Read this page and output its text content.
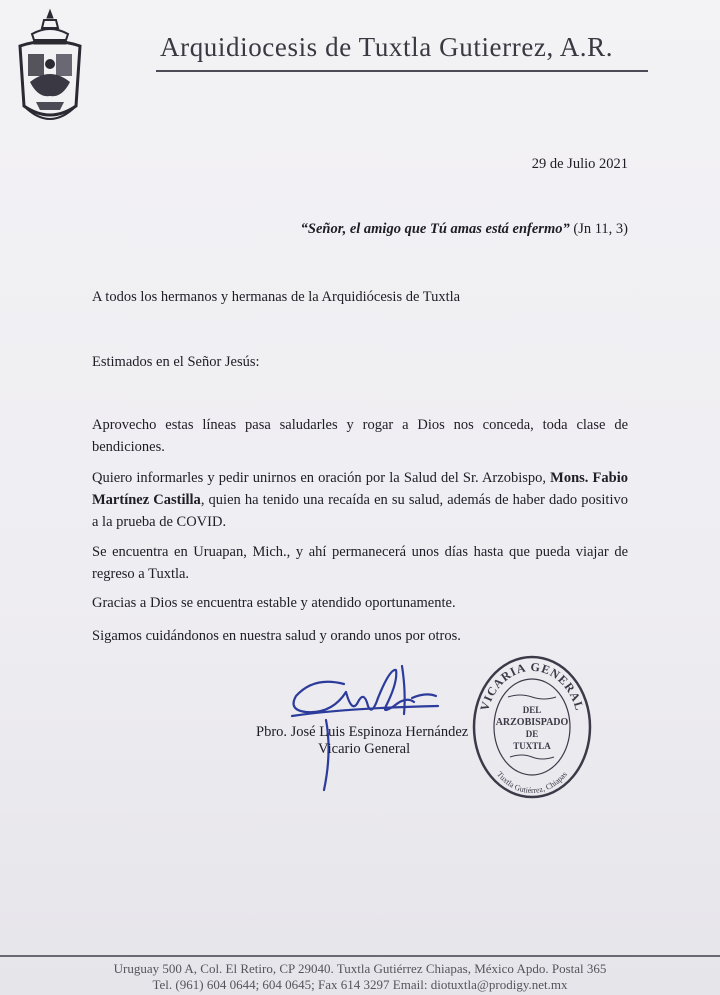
Arquidiocesis de Tuxtla Gutierrez, A.R.
29 de Julio 2021
“Señor, el amigo que Tú amas está enfermo” (Jn 11, 3)
A todos los hermanos y hermanas de la Arquidiócesis de Tuxtla
Estimados en el Señor Jesús:
Aprovecho estas líneas pasa saludarles y rogar a Dios nos conceda, toda clase de bendiciones.
Quiero informarles y pedir unirnos en oración por la Salud del Sr. Arzobispo, Mons. Fabio Martínez Castilla, quien ha tenido una recaída en su salud, además de haber dado positivo a la prueba de COVID.
Se encuentra en Uruapan, Mich., y ahí permanecerá unos días hasta que pueda viajar de regreso a Tuxtla.
Gracias a Dios se encuentra estable y atendido oportunamente.
Sigamos cuidándonos en nuestra salud y orando unos por otros.
Pbro. José Luis Espinoza Hernández
Vicario General
VICARIA GENERAL
Tuxtla Gutiérrez, Chiapas
DEL
ARZOBISPADO
DE
TUXTLA
Uruguay 500 A, Col. El Retiro, CP 29040. Tuxtla Gutiérrez Chiapas, México Apdo. Postal 365
Tel. (961) 604 0644; 604 0645; Fax 614 3297 Email: diotuxtla@prodigy.net.mx
